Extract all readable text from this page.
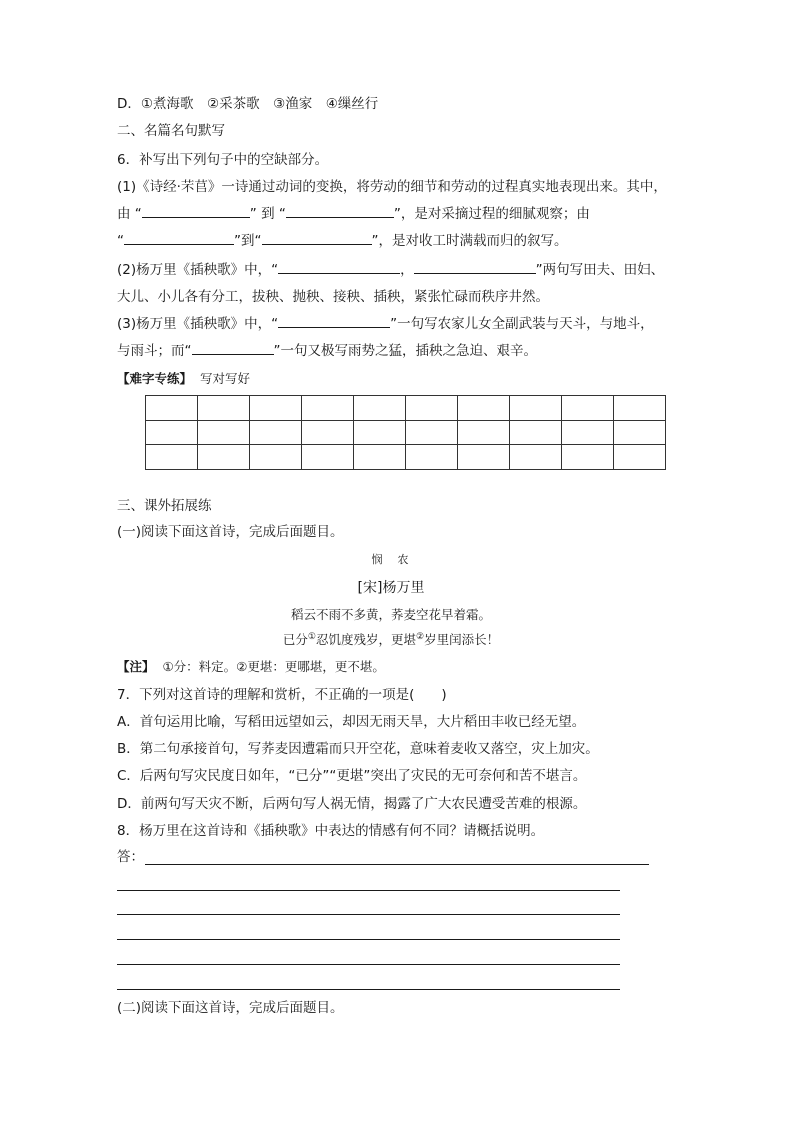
D．①煮海歌　②采茶歌　③渔家　④缫丝行
二、名篇名句默写
6．补写出下列句子中的空缺部分。
(1)《诗经·芣苢》一诗通过动词的变换，将劳动的细节和劳动的过程真实地表现出来。其中，
由 “	” 到 “	”，是对采摘过程的细腻观察；由
“	”到“	”，是对收工时满载而归的叙写。
(2)杨万里《插秧歌》中，“	，	”两句写田夫、田妇、
大儿、小儿各有分工，拔秧、抛秧、接秧、插秧，紧张忙碌而秩序井然。
(3)杨万里《插秧歌》中，“	”一句写农家儿女全副武装与天斗，与地斗，
与雨斗；而“	”一句又极写雨势之猛，插秧之急迫、艰辛。
【难字专练】 写对写好

三、课外拓展练
(一)阅读下面这首诗，完成后面题目。
悯　农
[宋]杨万里
稻云不雨不多黄，荞麦空花早着霜。
已分①忍饥度残岁，更堪②岁里闰添长！
【注】 ①分：料定。②更堪：更哪堪，更不堪。
7．下列对这首诗的理解和赏析，不正确的一项是(　　)
A．首句运用比喻，写稻田远望如云，却因无雨天旱，大片稻田丰收已经无望。
B．第二句承接首句，写荞麦因遭霜而只开空花，意味着麦收又落空，灾上加灾。
C．后两句写灾民度日如年，“已分”“更堪”突出了灾民的无可奈何和苦不堪言。
D．前两句写天灾不断，后两句写人祸无情，揭露了广大农民遭受苦难的根源。
8．杨万里在这首诗和《插秧歌》中表达的情感有何不同？请概括说明。
答：
(二)阅读下面这首诗，完成后面题目。
